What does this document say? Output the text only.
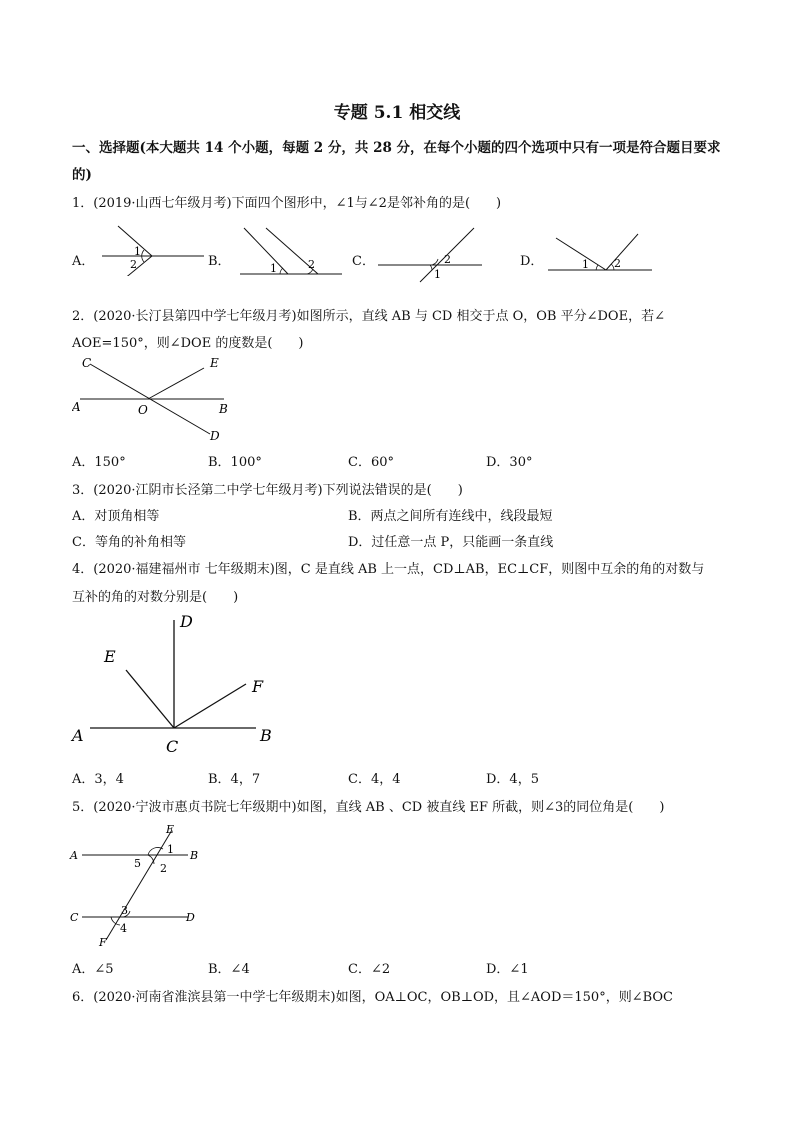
专题 5.1 相交线
一、选择题(本大题共 14 个小题，每题 2 分，共 28 分，在每个小题的四个选项中只有一项是符合题目要求
的)
1．(2019·山西七年级月考)下面四个图形中，∠1与∠2是邻补角的是(　　)
A．	B．	C．	D．
1
2	1	2	2
1
1 2
2．(2020·长汀县第四中学七年级月考)如图所示，直线 AB 与 CD 相交于点 O，OB 平分∠DOE，若∠
AOE=150°，则∠DOE 的度数是(　　)
C	E
A	O	B
D
A．150°	B．100°	C．60°	D．30°
3．(2020·江阴市长泾第二中学七年级月考)下列说法错误的是(　　)
A．对顶角相等	B．两点之间所有连线中，线段最短
C．等角的补角相等	D．过任意一点 P，只能画一条直线
4．(2020·福建福州市 七年级期末)图，C 是直线 AB 上一点，CD⊥AB，EC⊥CF，则图中互余的角的对数与
互补的角的对数分别是(　　)
D
E
F
A
C
B
A．3，4	B．4，7	C．4，4	D．4，5
5．(2020·宁波市惠贞书院七年级期中)如图，直线 AB 、CD 被直线 EF 所截，则∠3的同位角是(　　)
E
A	B
1
2
5
C	D
3
4
F
A．∠5	B．∠4	C．∠2	D．∠1
6．(2020·河南省淮滨县第一中学七年级期末)如图，OA⊥OC，OB⊥OD，且∠AOD＝150°，则∠BOC
